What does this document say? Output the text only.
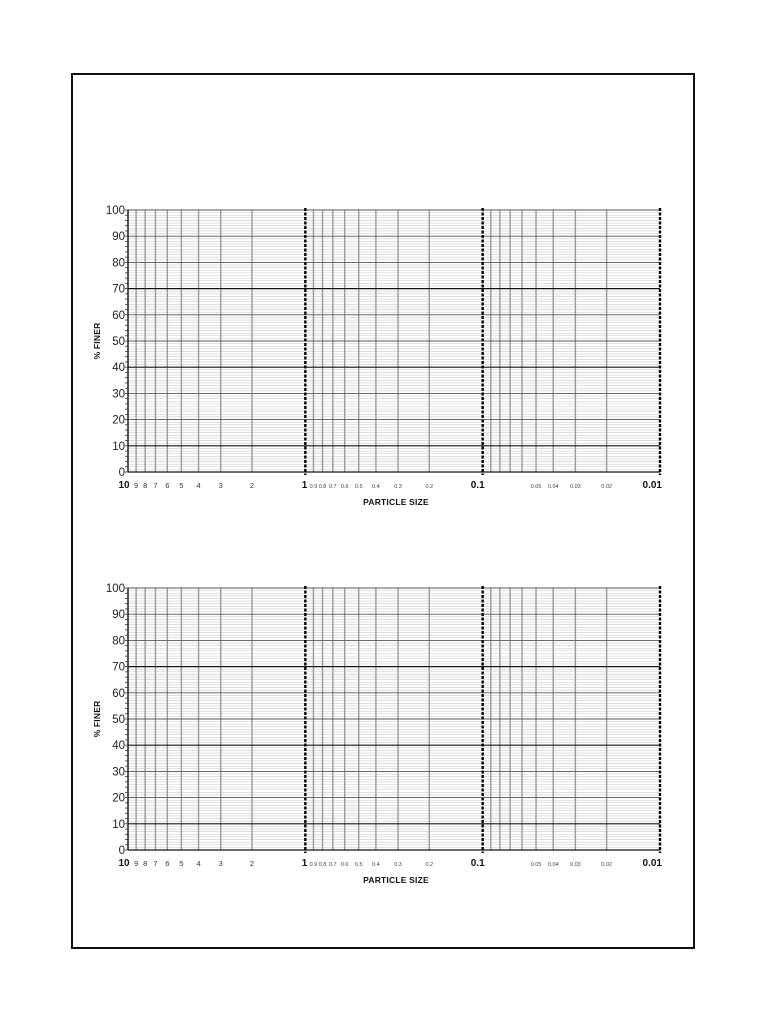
0
10
20
30
40
50
60
70
80
90
100
10	1	0.1	0.01
9 8 7 6 5 4 3	2	0.9 0.8 0.7 0.6 0.5 0.4	0.3	0.2	0.05 0.04 0.03	0.02
PARTICLE SIZE
% FINER
0
10
20
30
40
50
60
70
80
90
100
10	1	0.1	0.01
9 8 7 6 5 4 3	2	0.9 0.8 0.7 0.6 0.5 0.4	0.3	0.2	0.05 0.04 0.03	0.02
PARTICLE SIZE
% FINER
